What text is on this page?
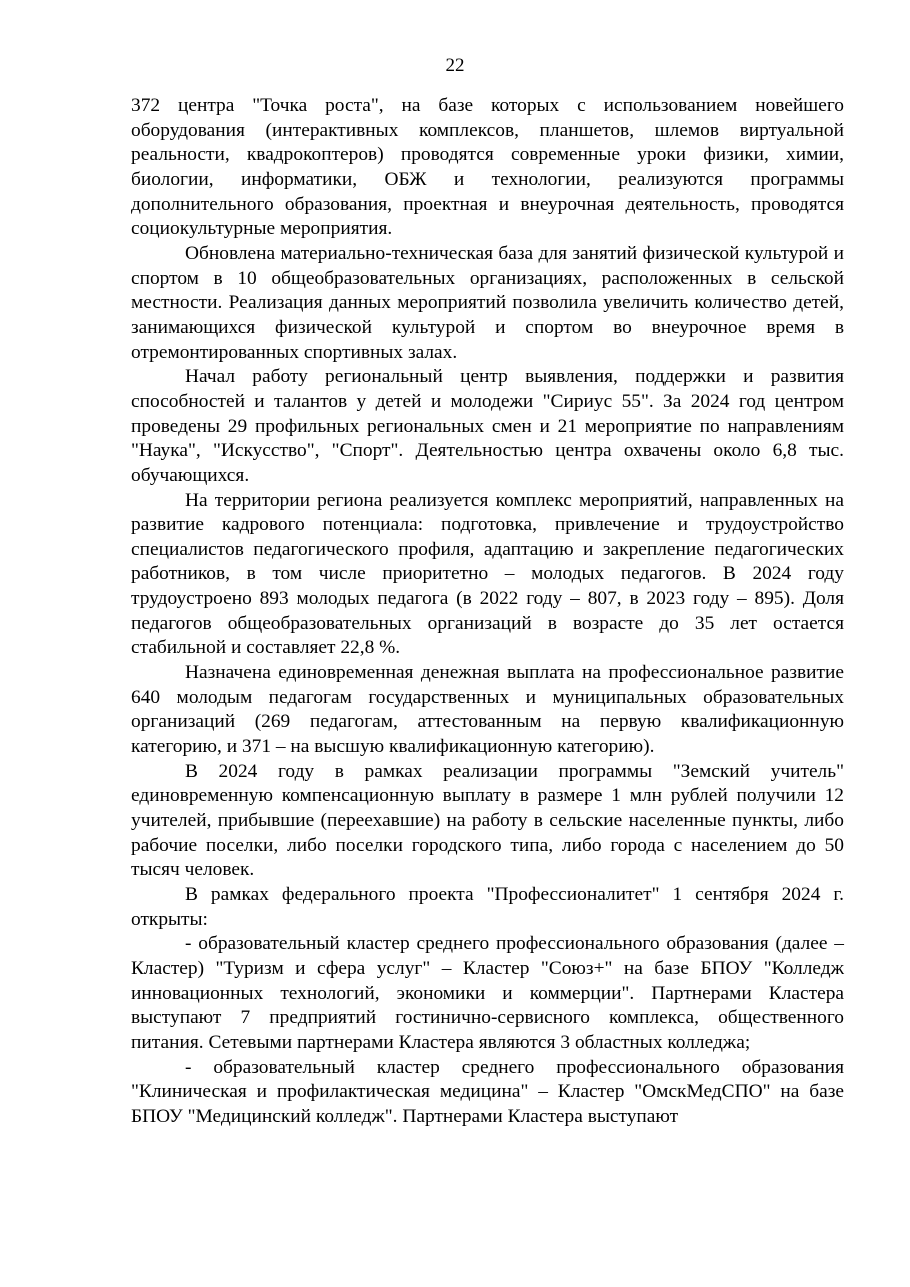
22

372 центра "Точка роста", на базе которых с использованием новейшего оборудования (интерактивных комплексов, планшетов, шлемов виртуальной реальности, квадрокоптеров) проводятся современные уроки физики, химии, биологии, информатики, ОБЖ и технологии, реализуются программы дополнительного образования, проектная и внеурочная деятельность, проводятся социокультурные мероприятия.

Обновлена материально-техническая база для занятий физической культурой и спортом в 10 общеобразовательных организациях, расположенных в сельской местности. Реализация данных мероприятий позволила увеличить количество детей, занимающихся физической культурой и спортом во внеурочное время в отремонтированных спортивных залах.

Начал работу региональный центр выявления, поддержки и развития способностей и талантов у детей и молодежи "Сириус 55". За 2024 год центром проведены 29 профильных региональных смен и 21 мероприятие по направлениям "Наука", "Искусство", "Спорт". Деятельностью центра охвачены около 6,8 тыс. обучающихся.

На территории региона реализуется комплекс мероприятий, направленных на развитие кадрового потенциала: подготовка, привлечение и трудоустройство специалистов педагогического профиля, адаптацию и закрепление педагогических работников, в том числе приоритетно – молодых педагогов. В 2024 году трудоустроено 893 молодых педагога (в 2022 году – 807, в 2023 году – 895). Доля педагогов общеобразовательных организаций в возрасте до 35 лет остается стабильной и составляет 22,8 %.

Назначена единовременная денежная выплата на профессиональное развитие 640 молодым педагогам государственных и муниципальных образовательных организаций (269 педагогам, аттестованным на первую квалификационную категорию, и 371 – на высшую квалификационную категорию).

В 2024 году в рамках реализации программы "Земский учитель" единовременную компенсационную выплату в размере 1 млн рублей получили 12 учителей, прибывшие (переехавшие) на работу в сельские населенные пункты, либо рабочие поселки, либо поселки городского типа, либо города с населением до 50 тысяч человек.

В рамках федерального проекта "Профессионалитет" 1 сентября 2024 г. открыты:

- образовательный кластер среднего профессионального образования (далее – Кластер) "Туризм и сфера услуг" – Кластер "Союз+" на базе БПОУ "Колледж инновационных технологий, экономики и коммерции". Партнерами Кластера выступают 7 предприятий гостинично-сервисного комплекса, общественного питания. Сетевыми партнерами Кластера являются 3 областных колледжа;

- образовательный кластер среднего профессионального образования "Клиническая и профилактическая медицина" – Кластер "ОмскМедСПО" на базе БПОУ "Медицинский колледж". Партнерами Кластера выступают
